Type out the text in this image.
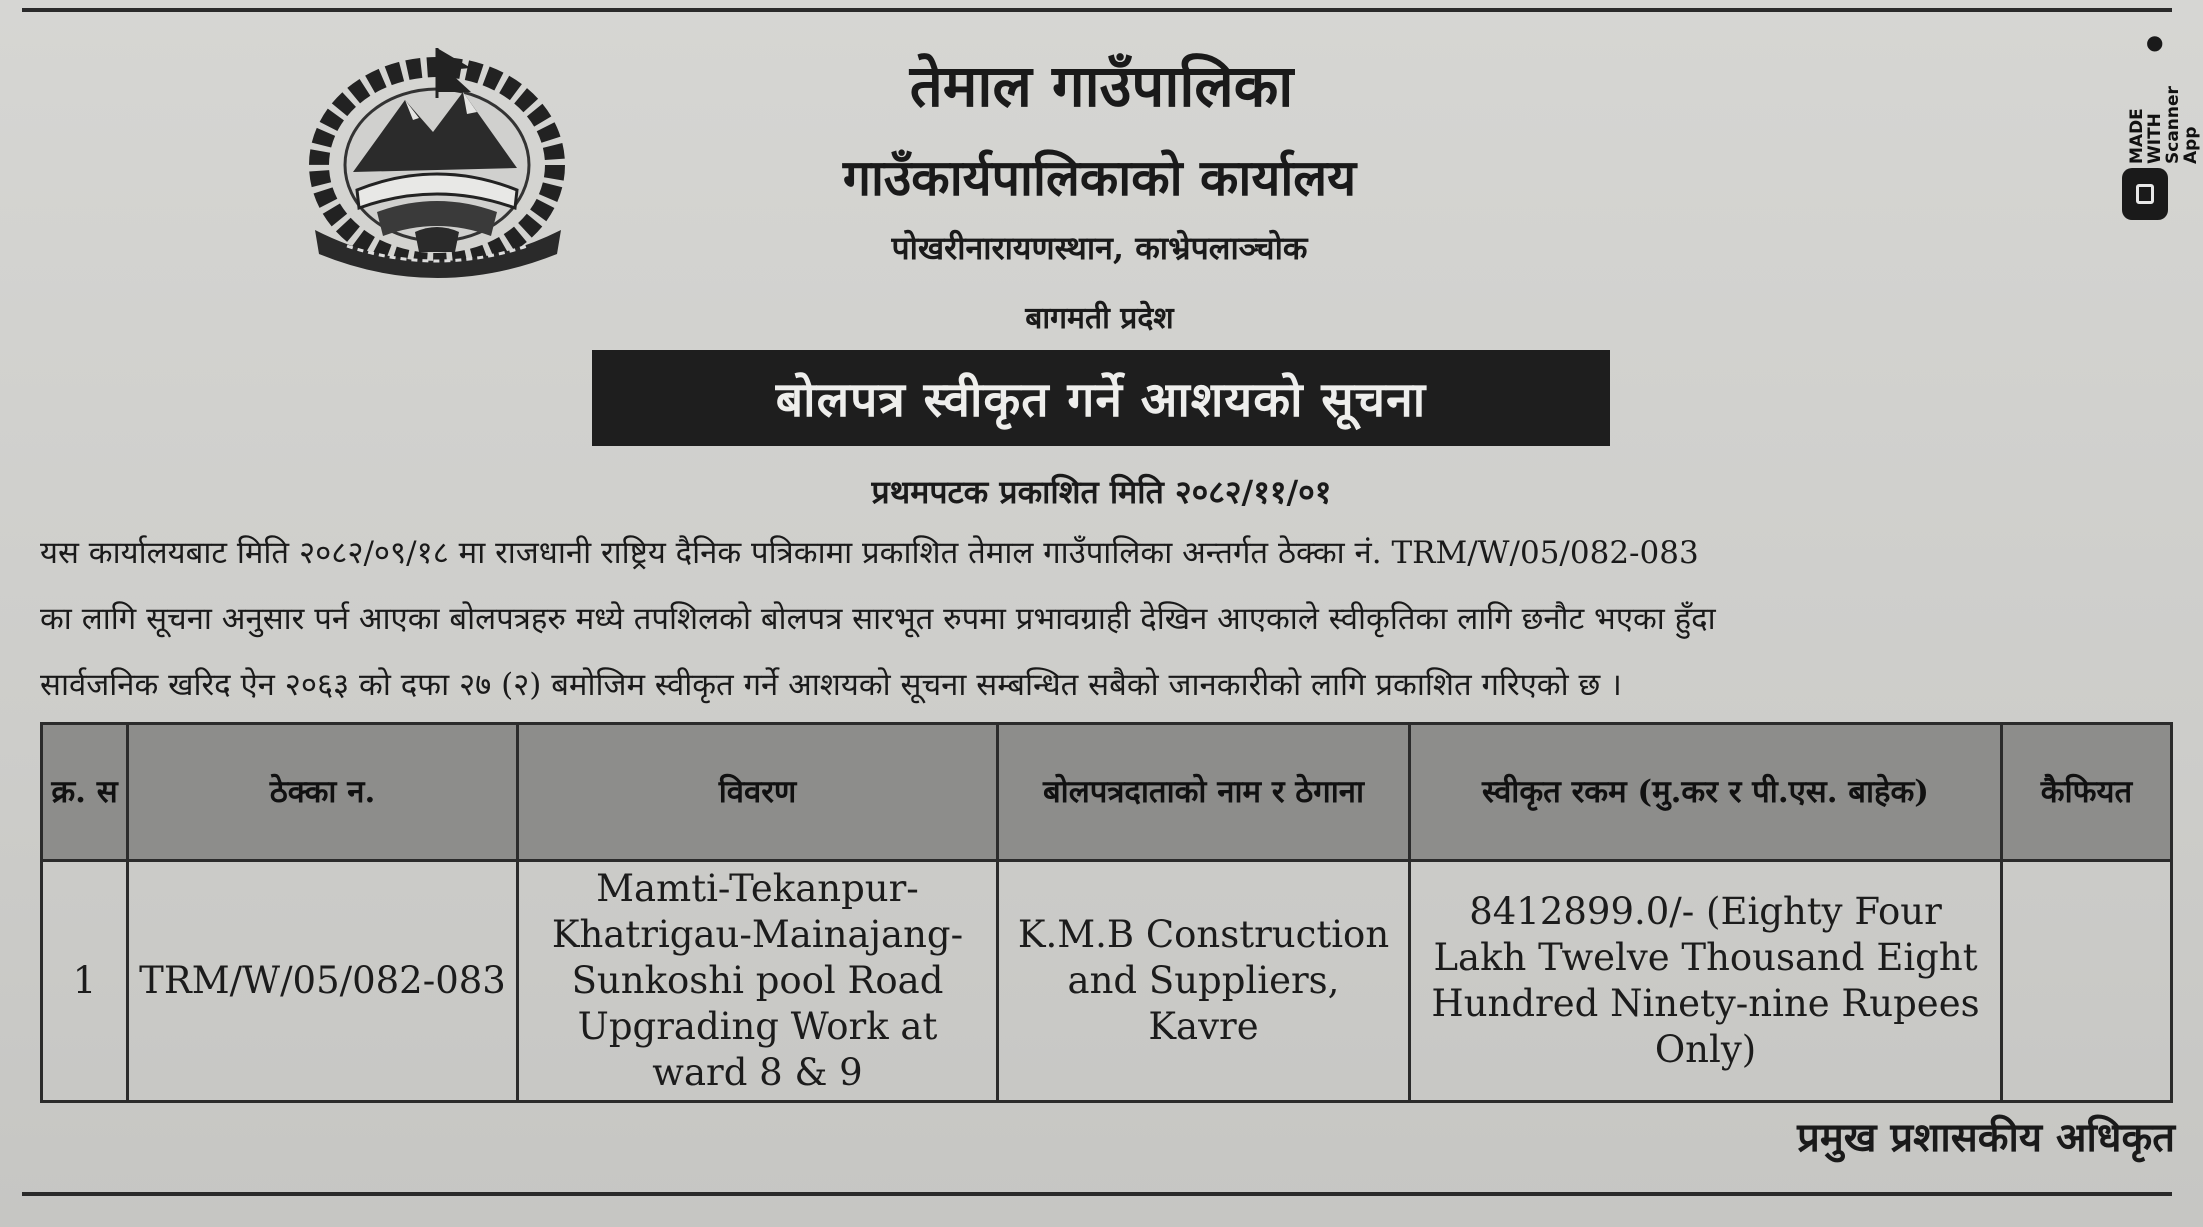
तेमाल गाउँपालिका
गाउँकार्यपालिकाको कार्यालय
पोखरीनारायणस्थान, काभ्रेपलाञ्चोक
बागमती प्रदेश
बोलपत्र स्वीकृत गर्ने आशयको सूचना
प्रथमपटक प्रकाशित मिति २०८२/११/०१
यस कार्यालयबाट मिति २०८२/०९/१८ मा राजधानी राष्ट्रिय दैनिक पत्रिकामा प्रकाशित तेमाल गाउँपालिका अन्तर्गत ठेक्का नं. TRM/W/05/082-083
का लागि सूचना अनुसार पर्न आएका बोलपत्रहरु मध्ये तपशिलको बोलपत्र सारभूत रुपमा प्रभावग्राही देखिन आएकाले स्वीकृतिका लागि छनौट भएका हुँदा
सार्वजनिक खरिद ऐन २०६३ को दफा २७ (२) बमोजिम स्वीकृत गर्ने आशयको सूचना सम्बन्धित सबैको जानकारीको लागि प्रकाशित गरिएको छ ।
क्र. स	ठेक्का न.	विवरण	बोलपत्रदाताको नाम र ठेगाना	स्वीकृत रकम (मु.कर र पी.एस. बाहेक)	कैफियत
1	TRM/W/05/082-083	Mamti-Tekanpur-Khatrigau-Mainajang-Sunkoshi pool Road Upgrading Work at ward 8 & 9	K.M.B Construction and Suppliers, Kavre	8412899.0/- (Eighty Four Lakh Twelve Thousand Eight Hundred Ninety-nine Rupees Only)	
प्रमुख प्रशासकीय अधिकृत
●
MADE WITH Scanner App
